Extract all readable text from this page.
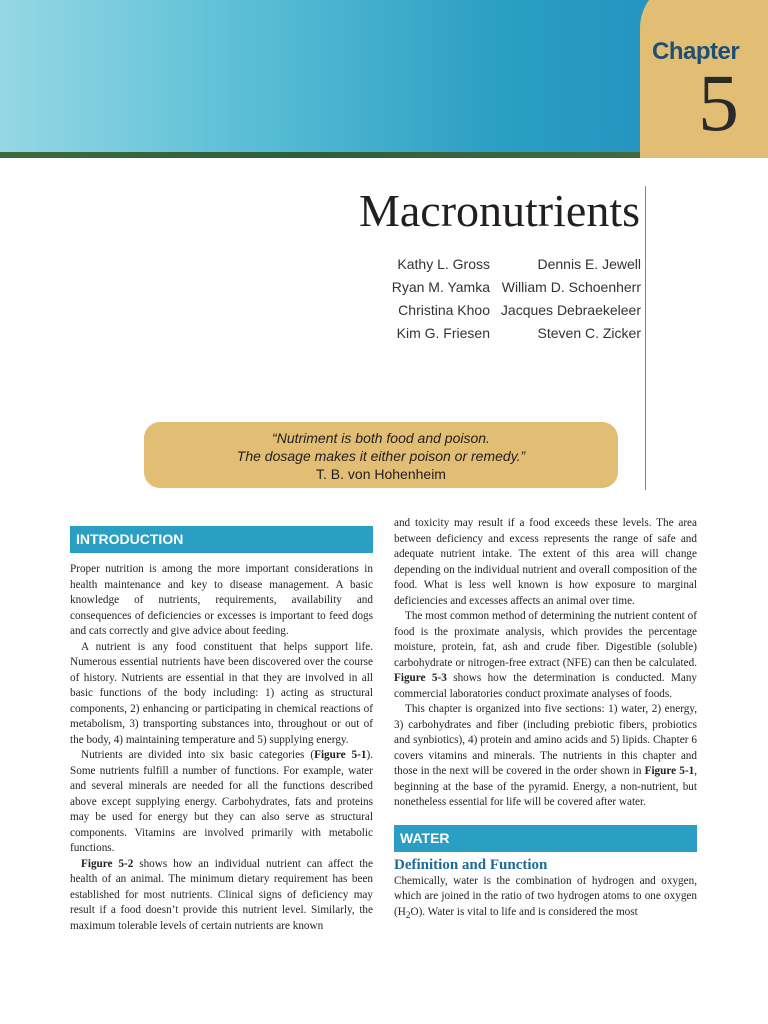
Chapter
5
Macronutrients
Kathy L. Gross
Ryan M. Yamka
Christina Khoo
Kim G. Friesen
Dennis E. Jewell
William D. Schoenherr
Jacques Debraekeleer
Steven C. Zicker
“Nutriment is both food and poison.
The dosage makes it either poison or remedy.”
T. B. von Hohenheim
INTRODUCTION

Proper nutrition is among the more important considerations in health maintenance and key to disease management. A basic knowledge of nutrients, requirements, availability and consequences of deficiencies or excesses is important to feed dogs and cats correctly and give advice about feeding.

A nutrient is any food constituent that helps support life. Numerous essential nutrients have been discovered over the course of history. Nutrients are essential in that they are involved in all basic functions of the body including: 1) acting as structural components, 2) enhancing or participating in chemical reactions of metabolism, 3) transporting substances into, throughout or out of the body, 4) maintaining temperature and 5) supplying energy.

Nutrients are divided into six basic categories (Figure 5-1). Some nutrients fulfill a number of functions. For example, water and several minerals are needed for all the functions described above except supplying energy. Carbohydrates, fats and proteins may be used for energy but they can also serve as structural components. Vitamins are involved primarily with metabolic functions.

Figure 5-2 shows how an individual nutrient can affect the health of an animal. The minimum dietary requirement has been established for most nutrients. Clinical signs of deficiency may result if a food doesn’t provide this nutrient level. Similarly, the maximum tolerable levels of certain nutrients are known

and toxicity may result if a food exceeds these levels. The area between deficiency and excess represents the range of safe and adequate nutrient intake. The extent of this area will change depending on the individual nutrient and overall composition of the food. What is less well known is how exposure to marginal deficiencies and excesses affects an animal over time.

The most common method of determining the nutrient content of food is the proximate analysis, which provides the percentage moisture, protein, fat, ash and crude fiber. Digestible (soluble) carbohydrate or nitrogen-free extract (NFE) can then be calculated. Figure 5-3 shows how the determination is conducted. Many commercial laboratories conduct proximate analyses of foods.

This chapter is organized into five sections: 1) water, 2) energy, 3) carbohydrates and fiber (including prebiotic fibers, probiotics and synbiotics), 4) protein and amino acids and 5) lipids. Chapter 6 covers vitamins and minerals. The nutrients in this chapter and those in the next will be covered in the order shown in Figure 5-1, beginning at the base of the pyramid. Energy, a non-nutrient, but nonetheless essential for life will be covered after water.

WATER
Definition and Function

Chemically, water is the combination of hydrogen and oxygen, which are joined in the ratio of two hydrogen atoms to one oxygen $(H_2O)$. Water is vital to life and is considered the most
